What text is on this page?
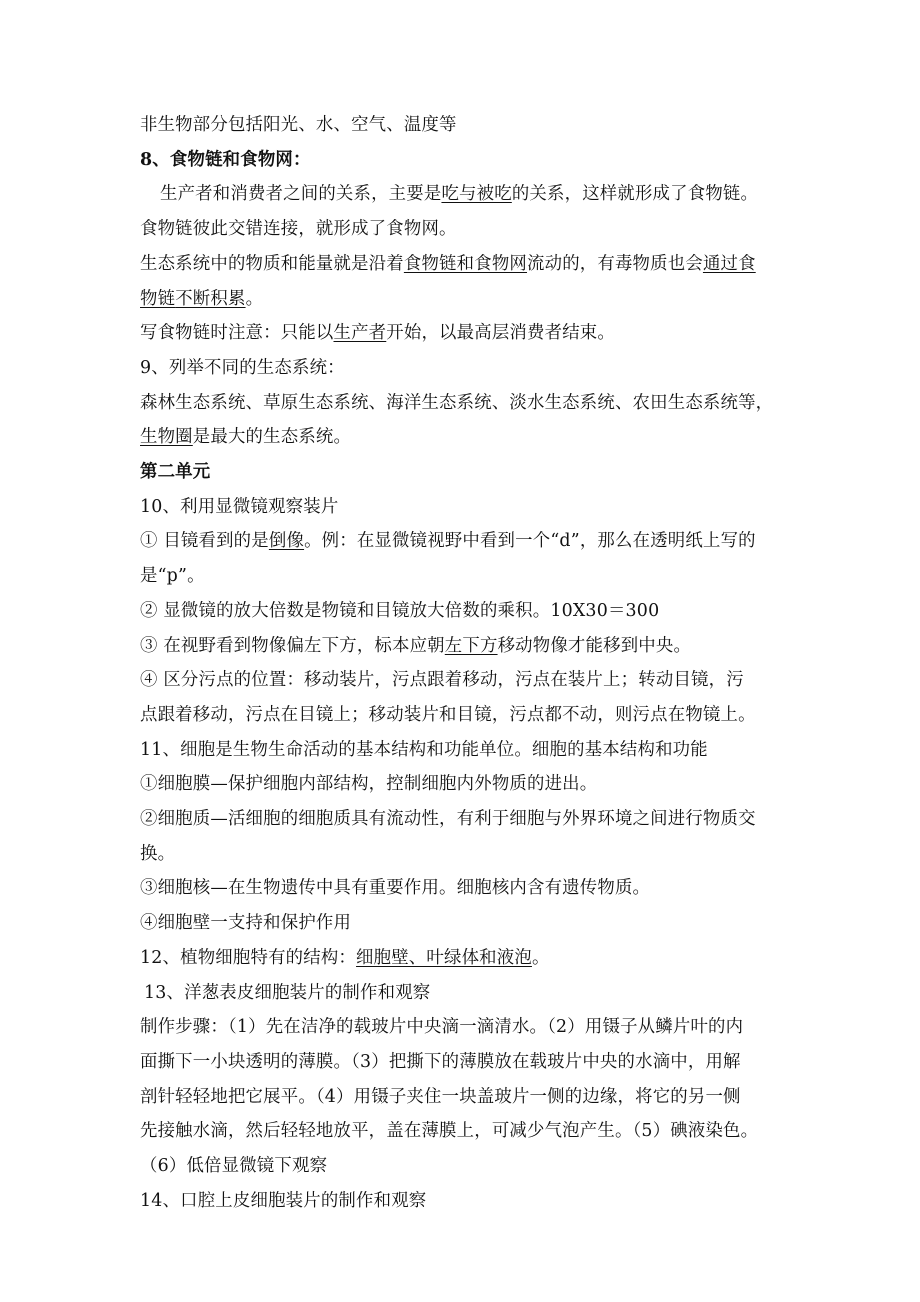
非生物部分包括阳光、水、空气、温度等
8、食物链和食物网：
生产者和消费者之间的关系，主要是吃与被吃的关系，这样就形成了食物链。
食物链彼此交错连接，就形成了食物网。
生态系统中的物质和能量就是沿着食物链和食物网流动的，有毒物质也会通过食
物链不断积累。
写食物链时注意：只能以生产者开始，以最高层消费者结束。
9、列举不同的生态系统：
森林生态系统、草原生态系统、海洋生态系统、淡水生态系统、农田生态系统等，
生物圈是最大的生态系统。
第二单元
10、利用显微镜观察装片
① 目镜看到的是倒像。例：在显微镜视野中看到一个“d”，那么在透明纸上写的
是“p”。
② 显微镜的放大倍数是物镜和目镜放大倍数的乘积。10X30＝300
③ 在视野看到物像偏左下方，标本应朝左下方移动物像才能移到中央。
④ 区分污点的位置：移动装片，污点跟着移动，污点在装片上；转动目镜，污
点跟着移动，污点在目镜上；移动装片和目镜，污点都不动，则污点在物镜上。
11、细胞是生物生命活动的基本结构和功能单位。细胞的基本结构和功能
①细胞膜—保护细胞内部结构，控制细胞内外物质的进出。
②细胞质—活细胞的细胞质具有流动性，有利于细胞与外界环境之间进行物质交
换。
③细胞核—在生物遗传中具有重要作用。细胞核内含有遗传物质。
④细胞壁一支持和保护作用
12、植物细胞特有的结构：细胞壁、叶绿体和液泡。
13、洋葱表皮细胞装片的制作和观察
制作步骤：（1）先在洁净的载玻片中央滴一滴清水。（2）用镊子从鳞片叶的内
面撕下一小块透明的薄膜。（3）把撕下的薄膜放在载玻片中央的水滴中，用解
剖针轻轻地把它展平。（4）用镊子夹住一块盖玻片一侧的边缘，将它的另一侧
先接触水滴，然后轻轻地放平，盖在薄膜上，可减少气泡产生。（5）碘液染色。
（6）低倍显微镜下观察
14、口腔上皮细胞装片的制作和观察
